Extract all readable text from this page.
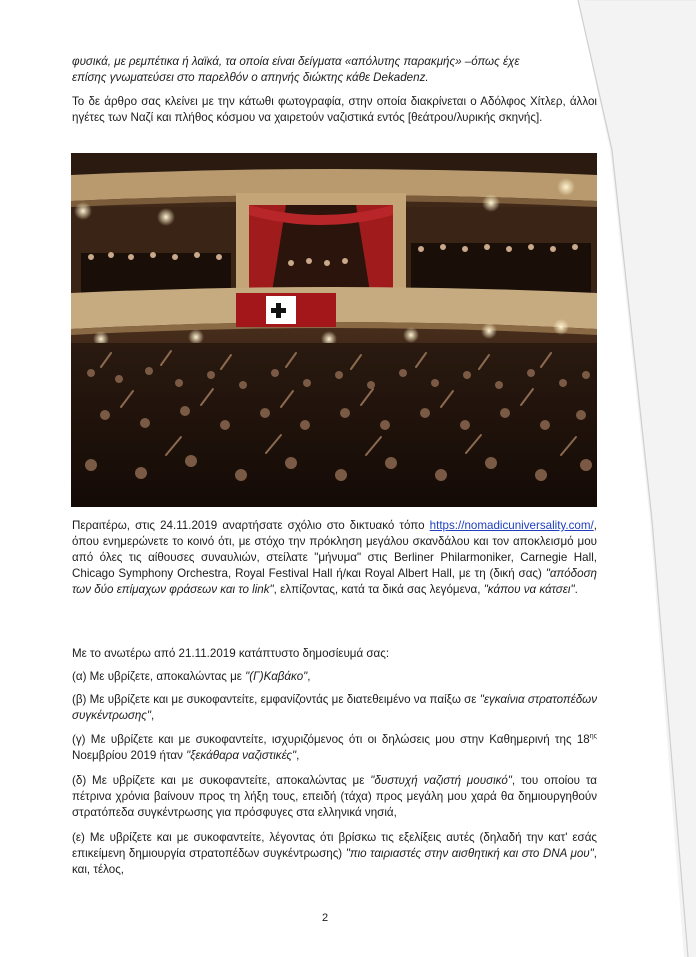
φυσικά, με ρεμπέτικα ή λαϊκά, τα οποία είναι δείγματα «απόλυτης παρακμής» –όπως έχε

επίσης γνωματεύσει στο παρελθόν ο απηνής διώκτης κάθε Dekadenz.

Το δε άρθρο σας κλείνει με την κάτωθι φωτογραφία, στην οποία διακρίνεται ο Αδόλφος Χίτλερ, άλλοι ηγέτες των Ναζί και πλήθος κόσμου να χαιρετούν ναζιστικά εντός [θεάτρου/λυρικής σκηνής].

Περαιτέρω, στις 24.11.2019 αναρτήσατε σχόλιο στο δικτυακό τόπο https://nomadicuniversality.com/, όπου ενημερώνετε το κοινό ότι, με στόχο την πρόκληση μεγάλου σκανδάλου και τον αποκλεισμό μου από όλες τις αίθουσες συναυλιών, στείλατε "μήνυμα" στις Berliner Philarmoniker, Carnegie Hall, Chicago Symphony Orchestra, Royal Festival Hall ή/και Royal Albert Hall, με τη (δική σας) "απόδοση των δύο επίμαχων φράσεων και το link", ελπίζοντας, κατά τα δικά σας λεγόμενα, "κάπου να κάτσει".

Με το ανωτέρω από 21.11.2019 κατάπτυστο δημοσίευμά σας:

(α) Με υβρίζετε, αποκαλώντας με "(Γ)Καβάκο",

(β) Με υβρίζετε και με συκοφαντείτε, εμφανίζοντάς με διατεθειμένο να παίξω σε "εγκαίνια στρατοπέδων συγκέντρωσης",

(γ) Με υβρίζετε και με συκοφαντείτε, ισχυριζόμενος ότι οι δηλώσεις μου στην Καθημερινή της $18^{\eta\varsigma}$ Νοεμβρίου 2019 ήταν "ξεκάθαρα ναζιστικές",

(δ) Με υβρίζετε και με συκοφαντείτε, αποκαλώντας με "δυστυχή ναζιστή μουσικό", του οποίου τα πέτρινα χρόνια βαίνουν προς τη λήξη τους, επειδή (τάχα) προς μεγάλη μου χαρά θα δημιουργηθούν στρατόπεδα συγκέντρωσης για πρόσφυγες στα ελληνικά νησιά,

(ε) Με υβρίζετε και με συκοφαντείτε, λέγοντας ότι βρίσκω τις εξελίξεις αυτές (δηλαδή την κατ' εσάς επικείμενη δημιουργία στρατοπέδων συγκέντρωσης) "πιο ταιριαστές στην αισθητική και στο DNA μου", και, τέλος,

2
